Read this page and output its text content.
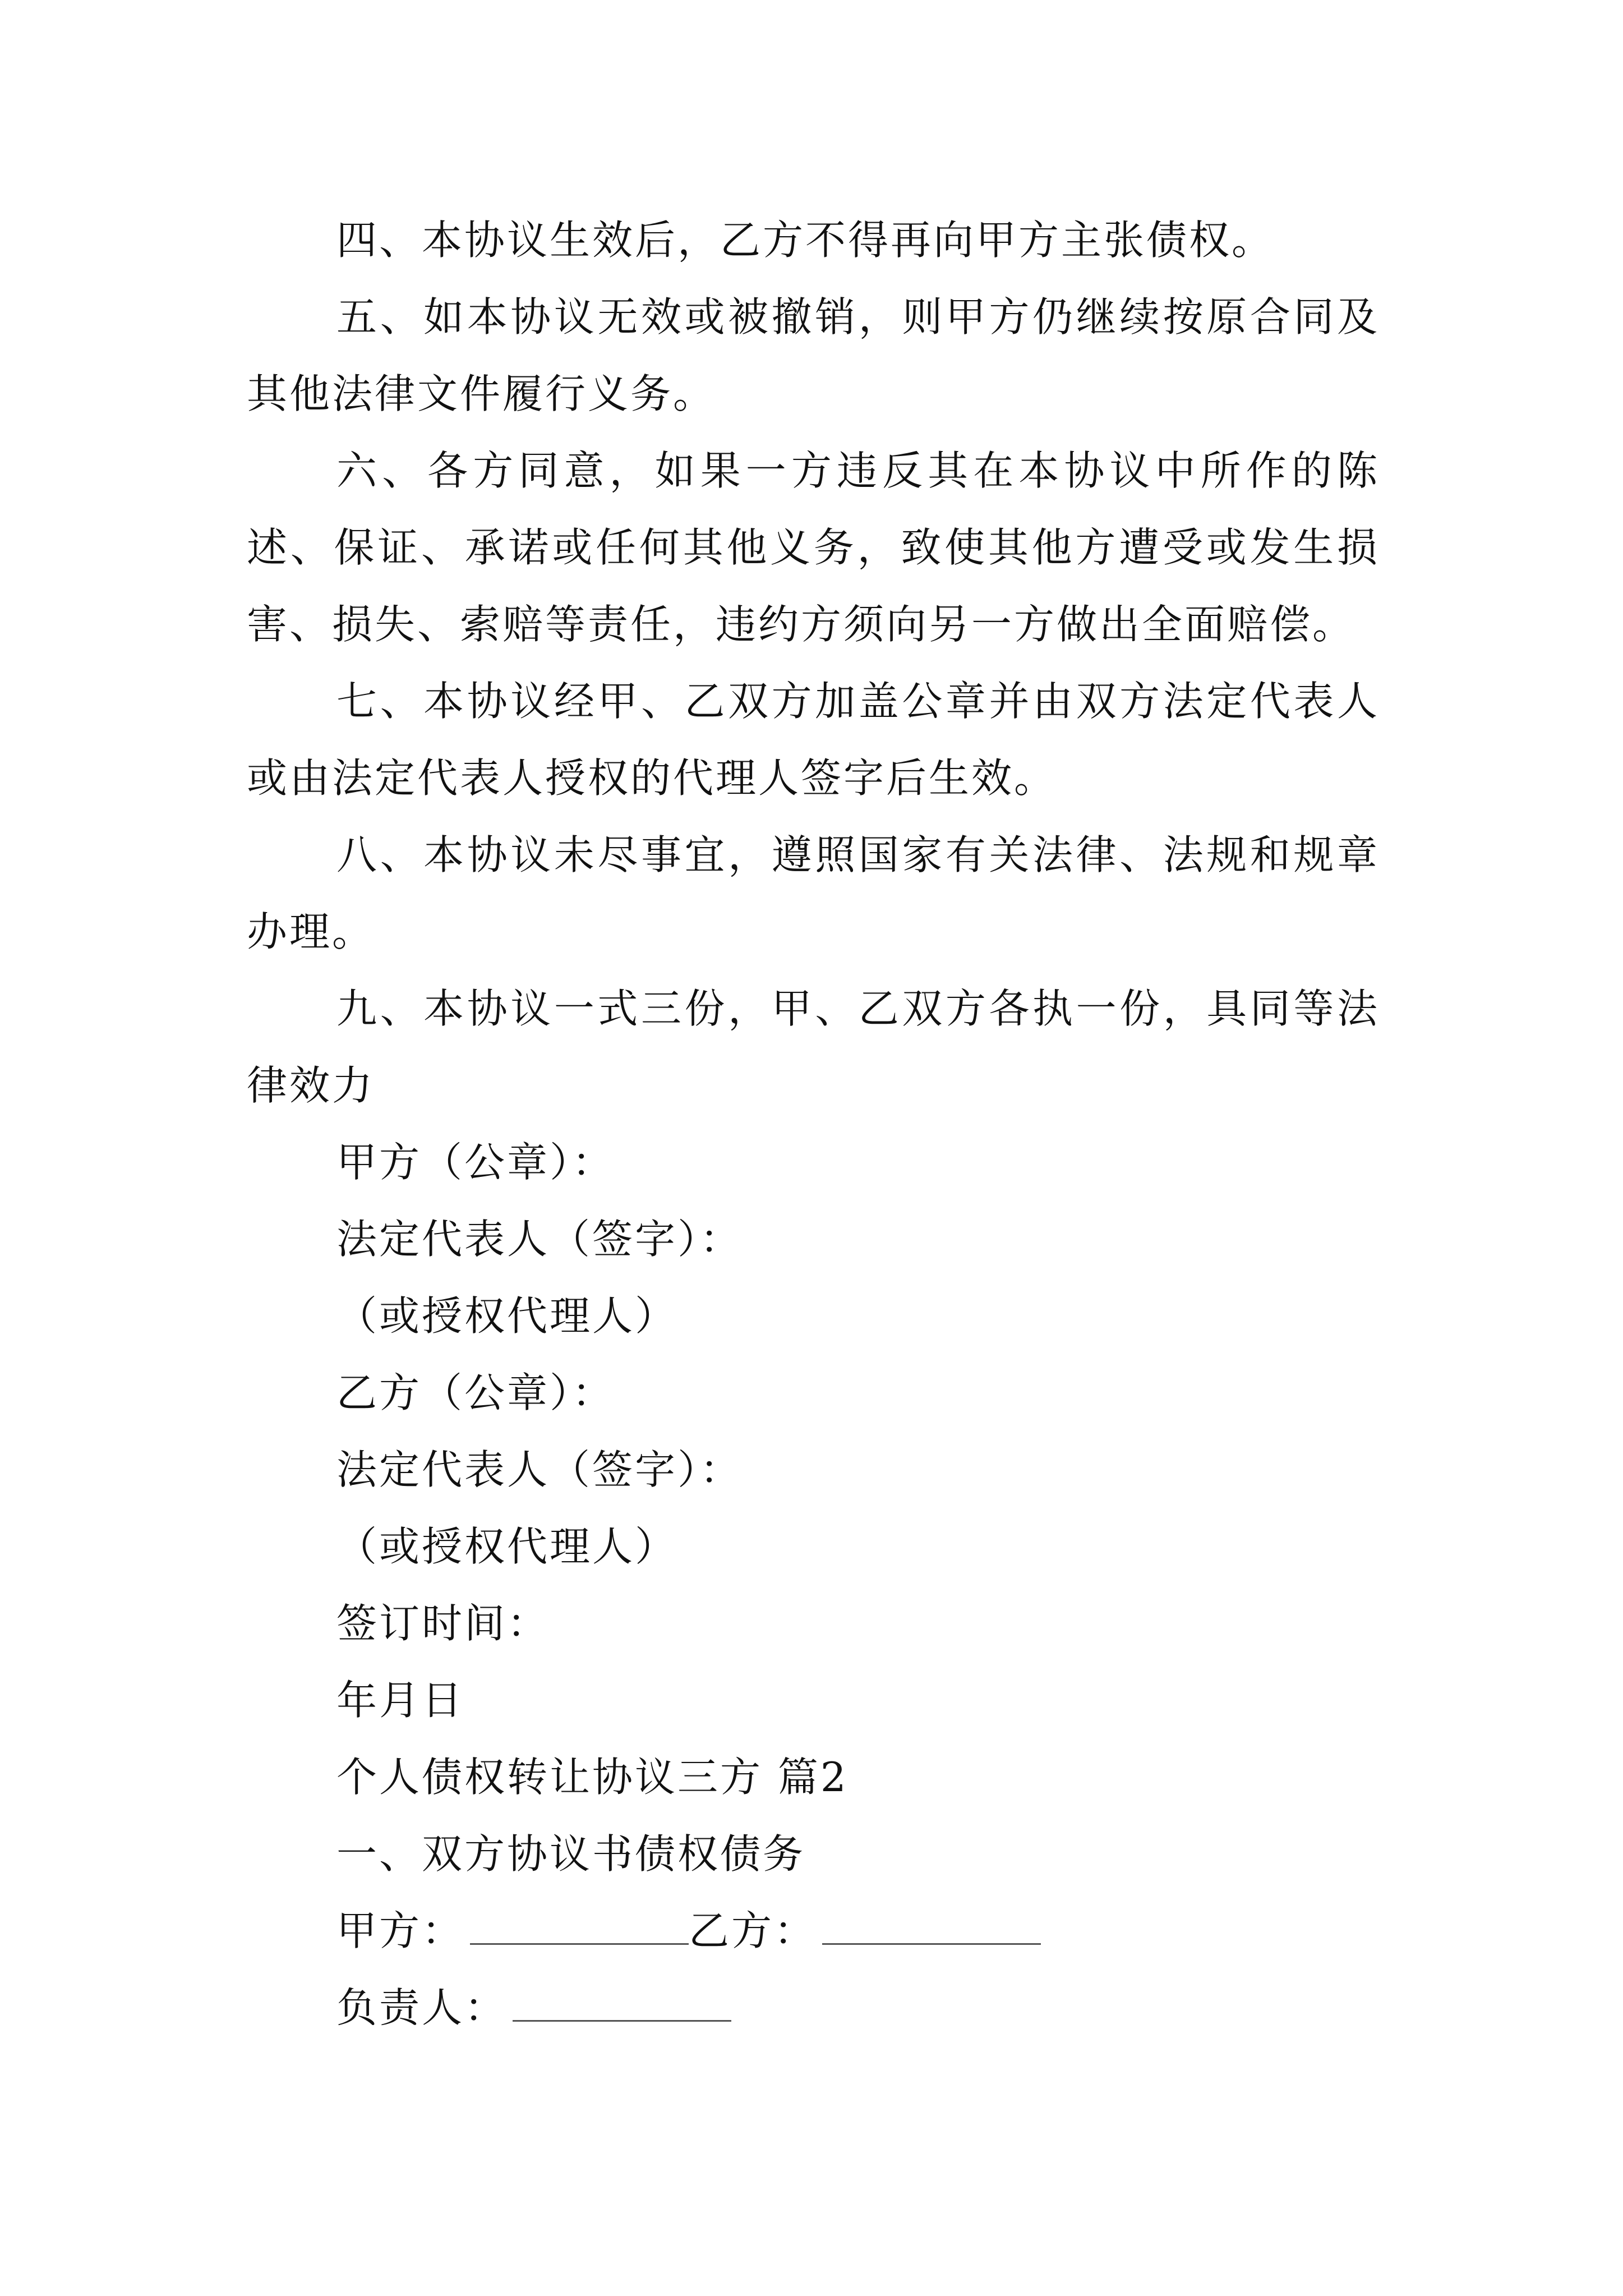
四、本协议生效后，乙方不得再向甲方主张债权。

五、如本协议无效或被撤销，则甲方仍继续按原合同及其他法律文件履行义务。

六、各方同意，如果一方违反其在本协议中所作的陈述、保证、承诺或任何其他义务，致使其他方遭受或发生损害、损失、索赔等责任，违约方须向另一方做出全面赔偿。

七、本协议经甲、乙双方加盖公章并由双方法定代表人或由法定代表人授权的代理人签字后生效。

八、本协议未尽事宜，遵照国家有关法律、法规和规章办理。

九、本协议一式三份，甲、乙双方各执一份，具同等法律效力

甲方（公章）：

法定代表人（签字）：

（或授权代理人）

乙方（公章）：

法定代表人（签字）：

（或授权代理人）

签订时间：

年月日

个人债权转让协议三方 篇2

一、双方协议书债权债务

甲方：	乙方：

负责人：
